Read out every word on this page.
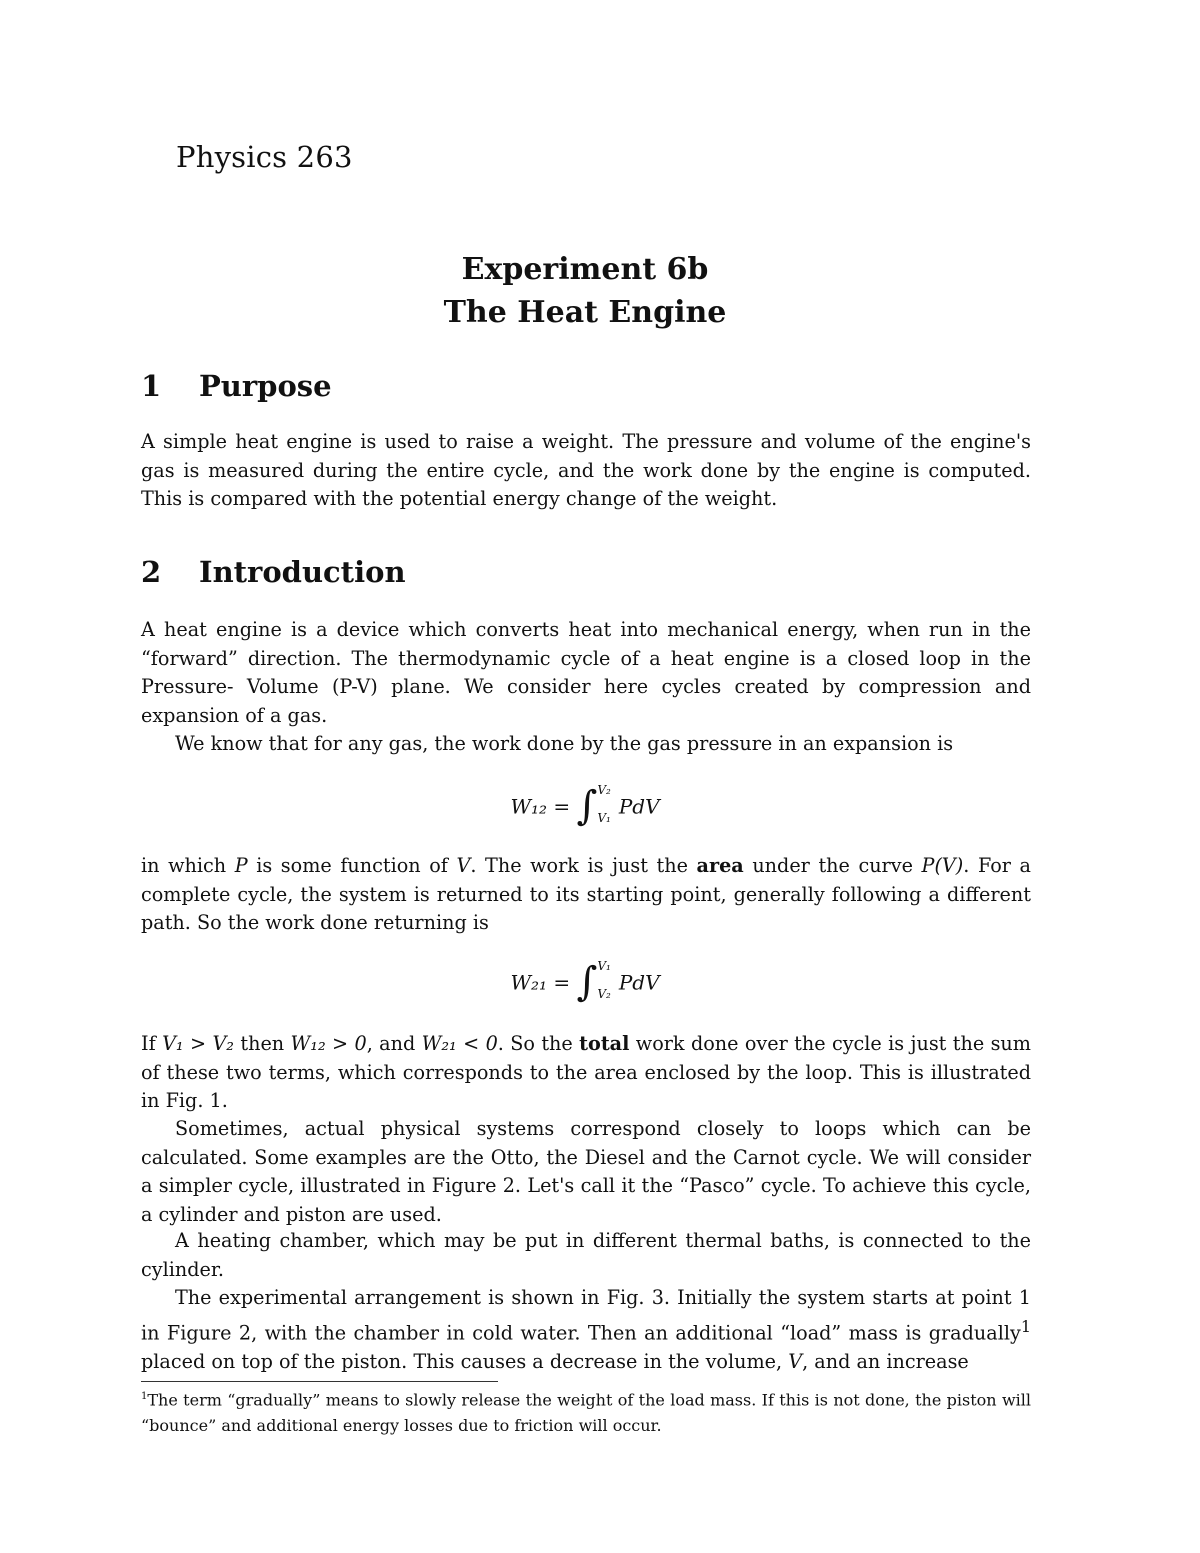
Physics 263
Experiment 6b
The Heat Engine
1	Purpose

A simple heat engine is used to raise a weight. The pressure and volume of the engine's gas is measured during the entire cycle, and the work done by the engine is computed. This is compared with the potential energy change of the weight.

2	Introduction

A heat engine is a device which converts heat into mechanical energy, when run in the “forward” direction. The thermodynamic cycle of a heat engine is a closed loop in the Pressure- Volume (P-V) plane. We consider here cycles created by compression and expansion of a gas.

We know that for any gas, the work done by the gas pressure in an expansion is

W₁₂ = ∫ V₂
V₁ PdV

in which P is some function of V. The work is just the area under the curve P(V). For a complete cycle, the system is returned to its starting point, generally following a different path. So the work done returning is

W₂₁ = ∫ V₁
V₂ PdV

If V₁ > V₂ then W₁₂ > 0, and W₂₁ < 0. So the total work done over the cycle is just the sum of these two terms, which corresponds to the area enclosed by the loop. This is illustrated in Fig. 1.

Sometimes, actual physical systems correspond closely to loops which can be calculated. Some examples are the Otto, the Diesel and the Carnot cycle. We will consider a simpler cycle, illustrated in Figure 2. Let's call it the “Pasco” cycle. To achieve this cycle, a cylinder and piston are used.

A heating chamber, which may be put in different thermal baths, is connected to the cylinder.

The experimental arrangement is shown in Fig. 3. Initially the system starts at point 1 in Figure 2, with the chamber in cold water. Then an additional “load” mass is gradually$^1$ placed on top of the piston. This causes a decrease in the volume, V, and an increase

$^1$The term “gradually” means to slowly release the weight of the load mass. If this is not done, the piston will “bounce” and additional energy losses due to friction will occur.
